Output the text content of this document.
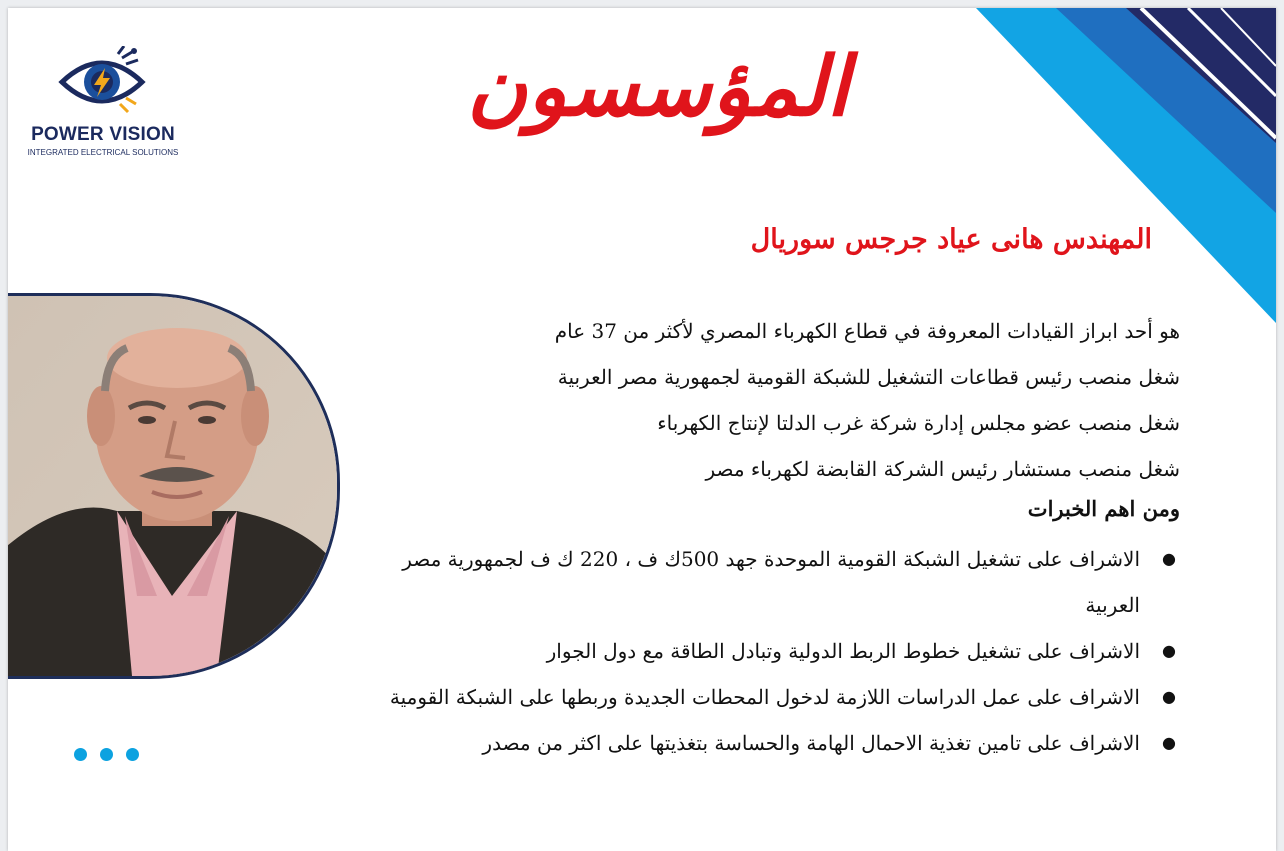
POWER VISION
INTEGRATED ELECTRICAL SOLUTIONS
المؤسسون
المهندس هانى عياد جرجس سوريال
هو أحد ابراز القيادات المعروفة في قطاع الكهرباء المصري لأكثر من 37 عام
شغل منصب رئيس قطاعات التشغيل للشبكة القومية لجمهورية مصر العربية
شغل منصب عضو مجلس إدارة شركة غرب الدلتا لإنتاج الكهرباء
شغل منصب مستشار رئيس الشركة القابضة لكهرباء مصر
ومن اهم الخبرات
●
الاشراف على تشغيل الشبكة القومية الموحدة جهد 500ك ف ، 220 ك ف لجمهورية مصر العربية
●
الاشراف على تشغيل خطوط الربط الدولية وتبادل الطاقة مع دول الجوار
●
الاشراف على عمل الدراسات اللازمة لدخول المحطات الجديدة وربطها على الشبكة القومية
●
الاشراف على تامين تغذية الاحمال الهامة والحساسة بتغذيتها على اكثر من مصدر
